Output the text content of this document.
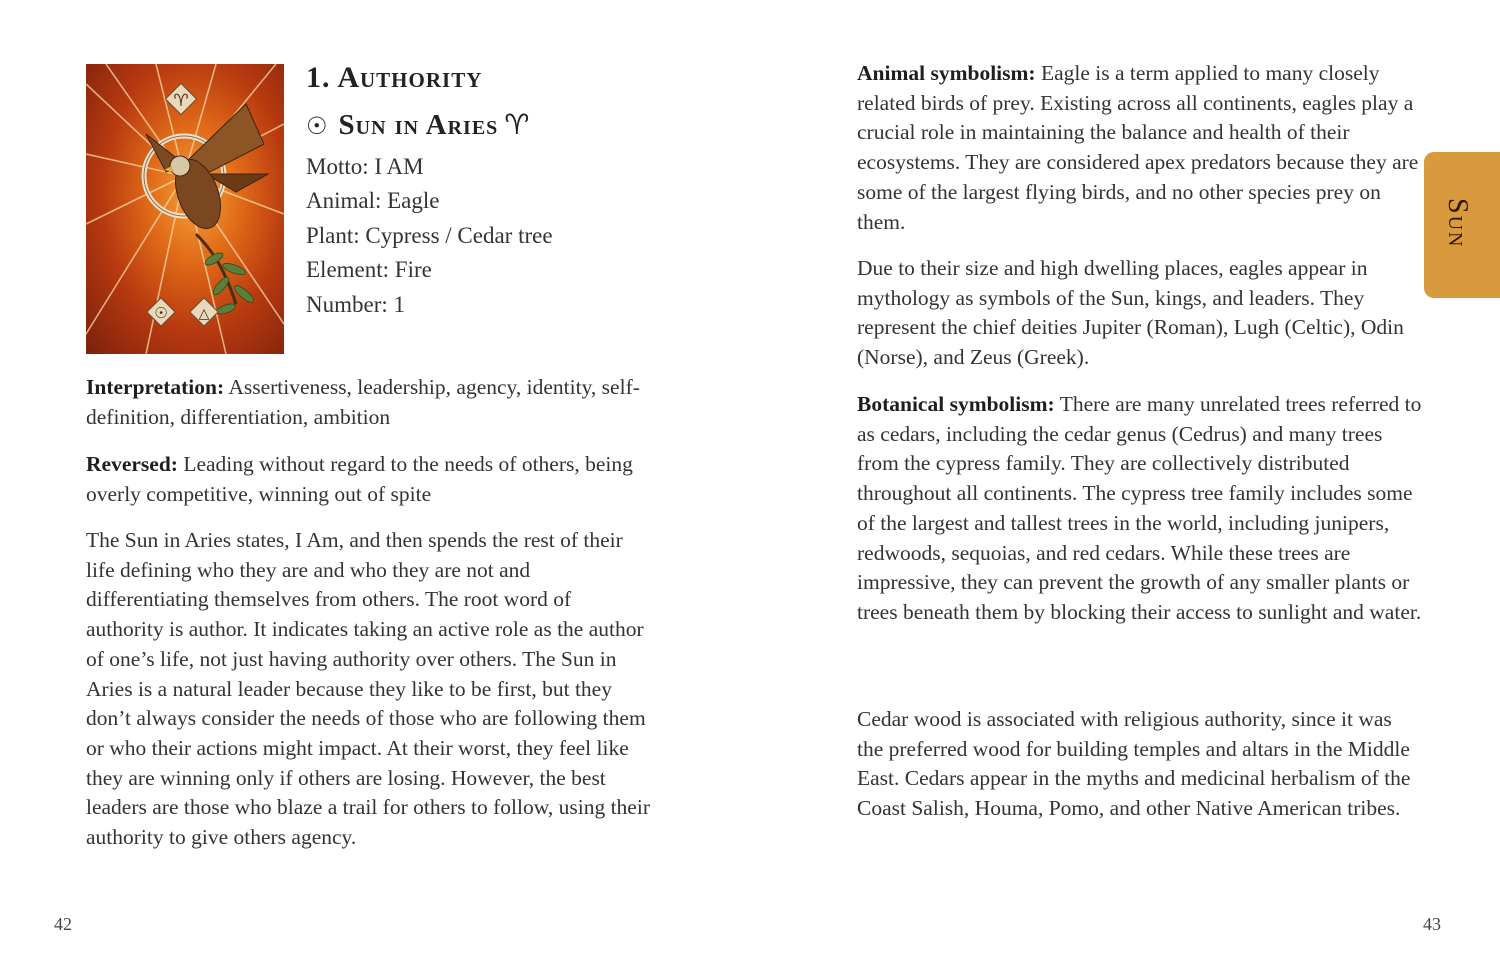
♈
☉ △
1. Authority
☉ Sun in Aries ♈

Motto: I AM

Animal: Eagle

Plant: Cypress / Cedar tree

Element: Fire

Number: 1

Interpretation: Assertiveness, leadership, agency, identity, self-definition, differentiation, ambition

Reversed: Leading without regard to the needs of others, being overly competitive, winning out of spite

The Sun in Aries states, I Am, and then spends the rest of their life defining who they are and who they are not and differentiating themselves from others. The root word of authority is author. It indicates taking an active role as the author of one’s life, not just having authority over others. The Sun in Aries is a natural leader because they like to be first, but they don’t always consider the needs of those who are following them or who their actions might impact. At their worst, they feel like they are winning only if others are losing. However, the best leaders are those who blaze a trail for others to follow, using their authority to give others agency.

42

Animal symbolism: Eagle is a term applied to many closely related birds of prey. Existing across all continents, eagles play a crucial role in maintaining the balance and health of their ecosystems. They are considered apex predators because they are some of the largest flying birds, and no other species prey on them.

Due to their size and high dwelling places, eagles appear in mythology as symbols of the Sun, kings, and leaders. They represent the chief deities Jupiter (Roman), Lugh (Celtic), Odin (Norse), and Zeus (Greek).

Botanical symbolism: There are many unrelated trees referred to as cedars, including the cedar genus (Cedrus) and many trees from the cypress family. They are collectively distributed throughout all continents. The cypress tree family includes some of the largest and tallest trees in the world, including junipers, redwoods, sequoias, and red cedars. While these trees are impressive, they can prevent the growth of any smaller plants or trees beneath them by blocking their access to sunlight and water.

Cedar wood is associated with religious authority, since it was the preferred wood for building temples and altars in the Middle East. Cedars appear in the myths and medicinal herbalism of the Coast Salish, Houma, Pomo, and other Native American tribes.

43
Sun
